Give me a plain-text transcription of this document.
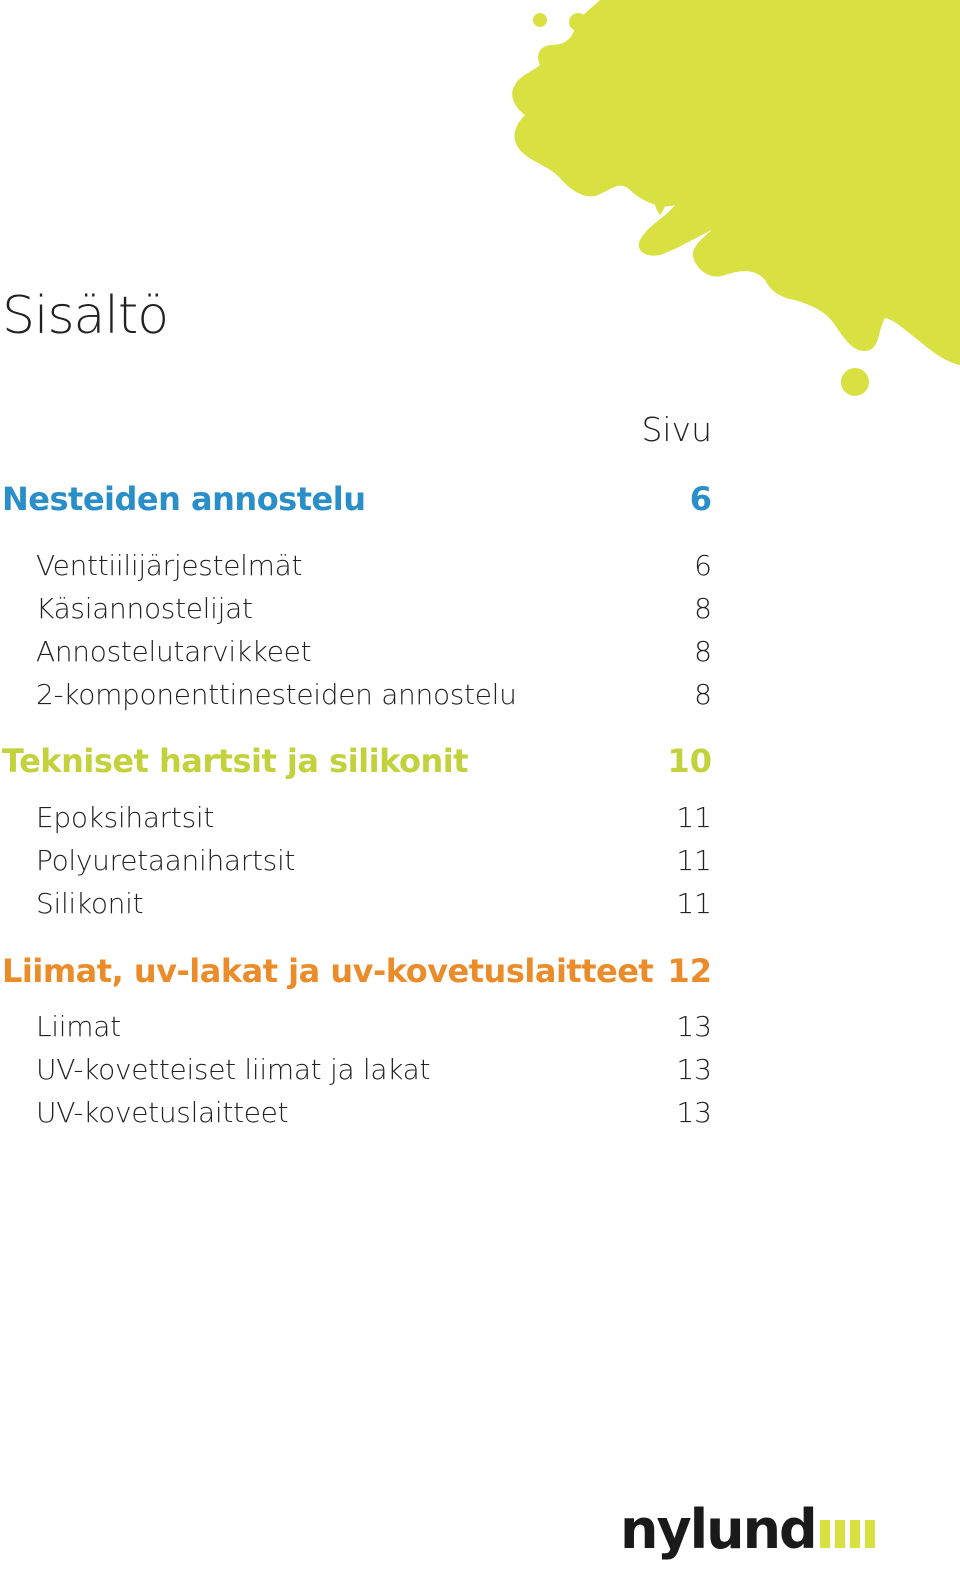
Sisältö
Sivu
Nesteiden annostelu	6
Venttiilijärjestelmät	6
Käsiannostelijat	8
Annostelutarvikkeet	8
2-komponenttinesteiden annostelu	8
Tekniset hartsit ja silikonit	10
Epoksihartsit	11
Polyuretaanihartsit	11
Silikonit	11
Liimat, uv-lakat ja uv-kovetuslaitteet 12
Liimat	13
UV-kovetteiset liimat ja lakat	13
UV-kovetuslaitteet	13
nylund
